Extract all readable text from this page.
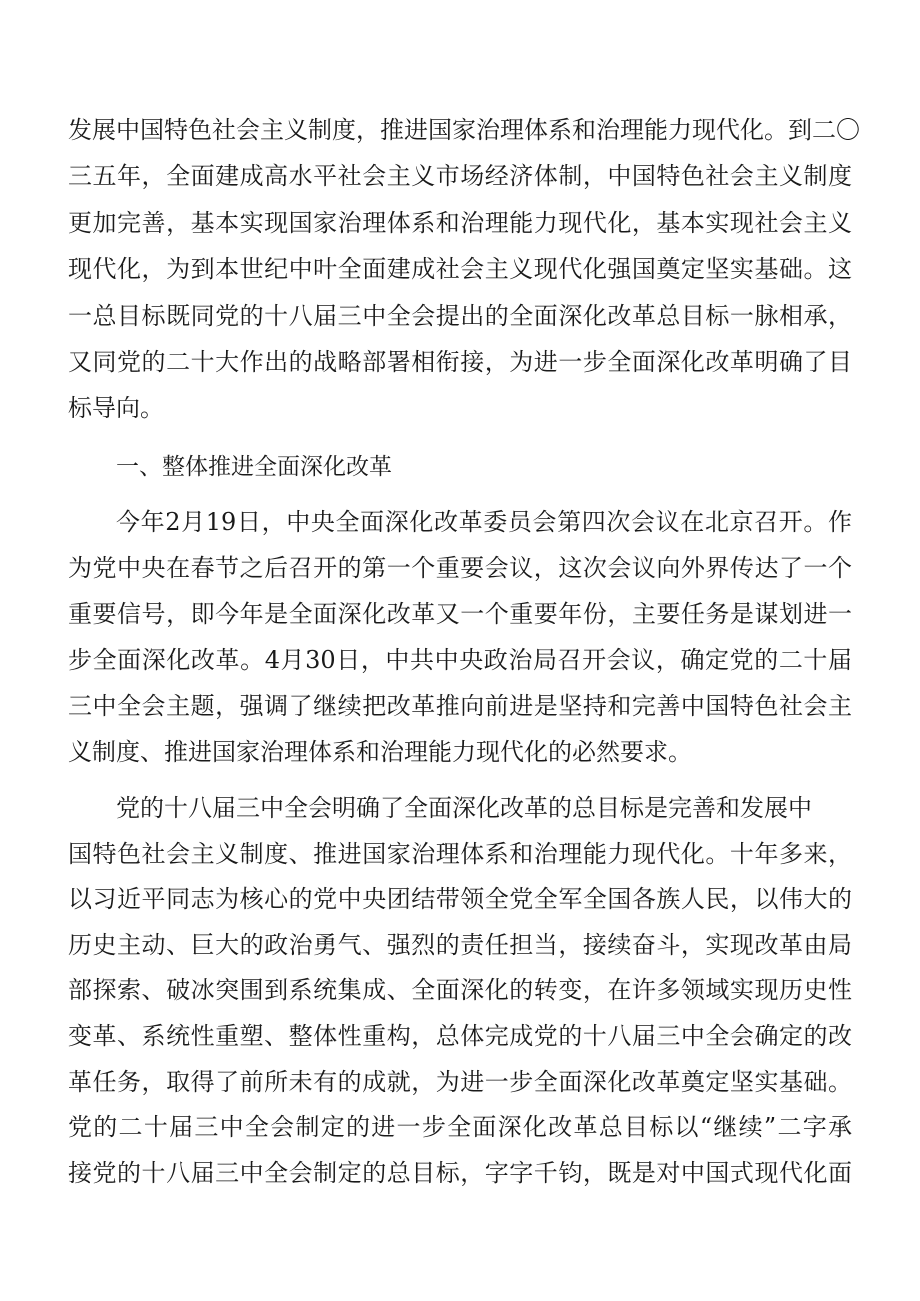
发展中国特色社会主义制度，推进国家治理体系和治理能力现代化。到二〇
三五年，全面建成高水平社会主义市场经济体制，中国特色社会主义制度
更加完善，基本实现国家治理体系和治理能力现代化，基本实现社会主义
现代化，为到本世纪中叶全面建成社会主义现代化强国奠定坚实基础。这
一总目标既同党的十八届三中全会提出的全面深化改革总目标一脉相承，
又同党的二十大作出的战略部署相衔接，为进一步全面深化改革明确了目
标导向。
一、整体推进全面深化改革
今年2月19日，中央全面深化改革委员会第四次会议在北京召开。作
为党中央在春节之后召开的第一个重要会议，这次会议向外界传达了一个
重要信号，即今年是全面深化改革又一个重要年份，主要任务是谋划进一
步全面深化改革。4月30日，中共中央政治局召开会议，确定党的二十届
三中全会主题，强调了继续把改革推向前进是坚持和完善中国特色社会主
义制度、推进国家治理体系和治理能力现代化的必然要求。
党的十八届三中全会明确了全面深化改革的总目标是完善和发展中
国特色社会主义制度、推进国家治理体系和治理能力现代化。十年多来，
以习近平同志为核心的党中央团结带领全党全军全国各族人民，以伟大的
历史主动、巨大的政治勇气、强烈的责任担当，接续奋斗，实现改革由局
部探索、破冰突围到系统集成、全面深化的转变，在许多领域实现历史性
变革、系统性重塑、整体性重构，总体完成党的十八届三中全会确定的改
革任务，取得了前所未有的成就，为进一步全面深化改革奠定坚实基础。
党的二十届三中全会制定的进一步全面深化改革总目标以“继续”二字承
接党的十八届三中全会制定的总目标，字字千钧，既是对中国式现代化面
